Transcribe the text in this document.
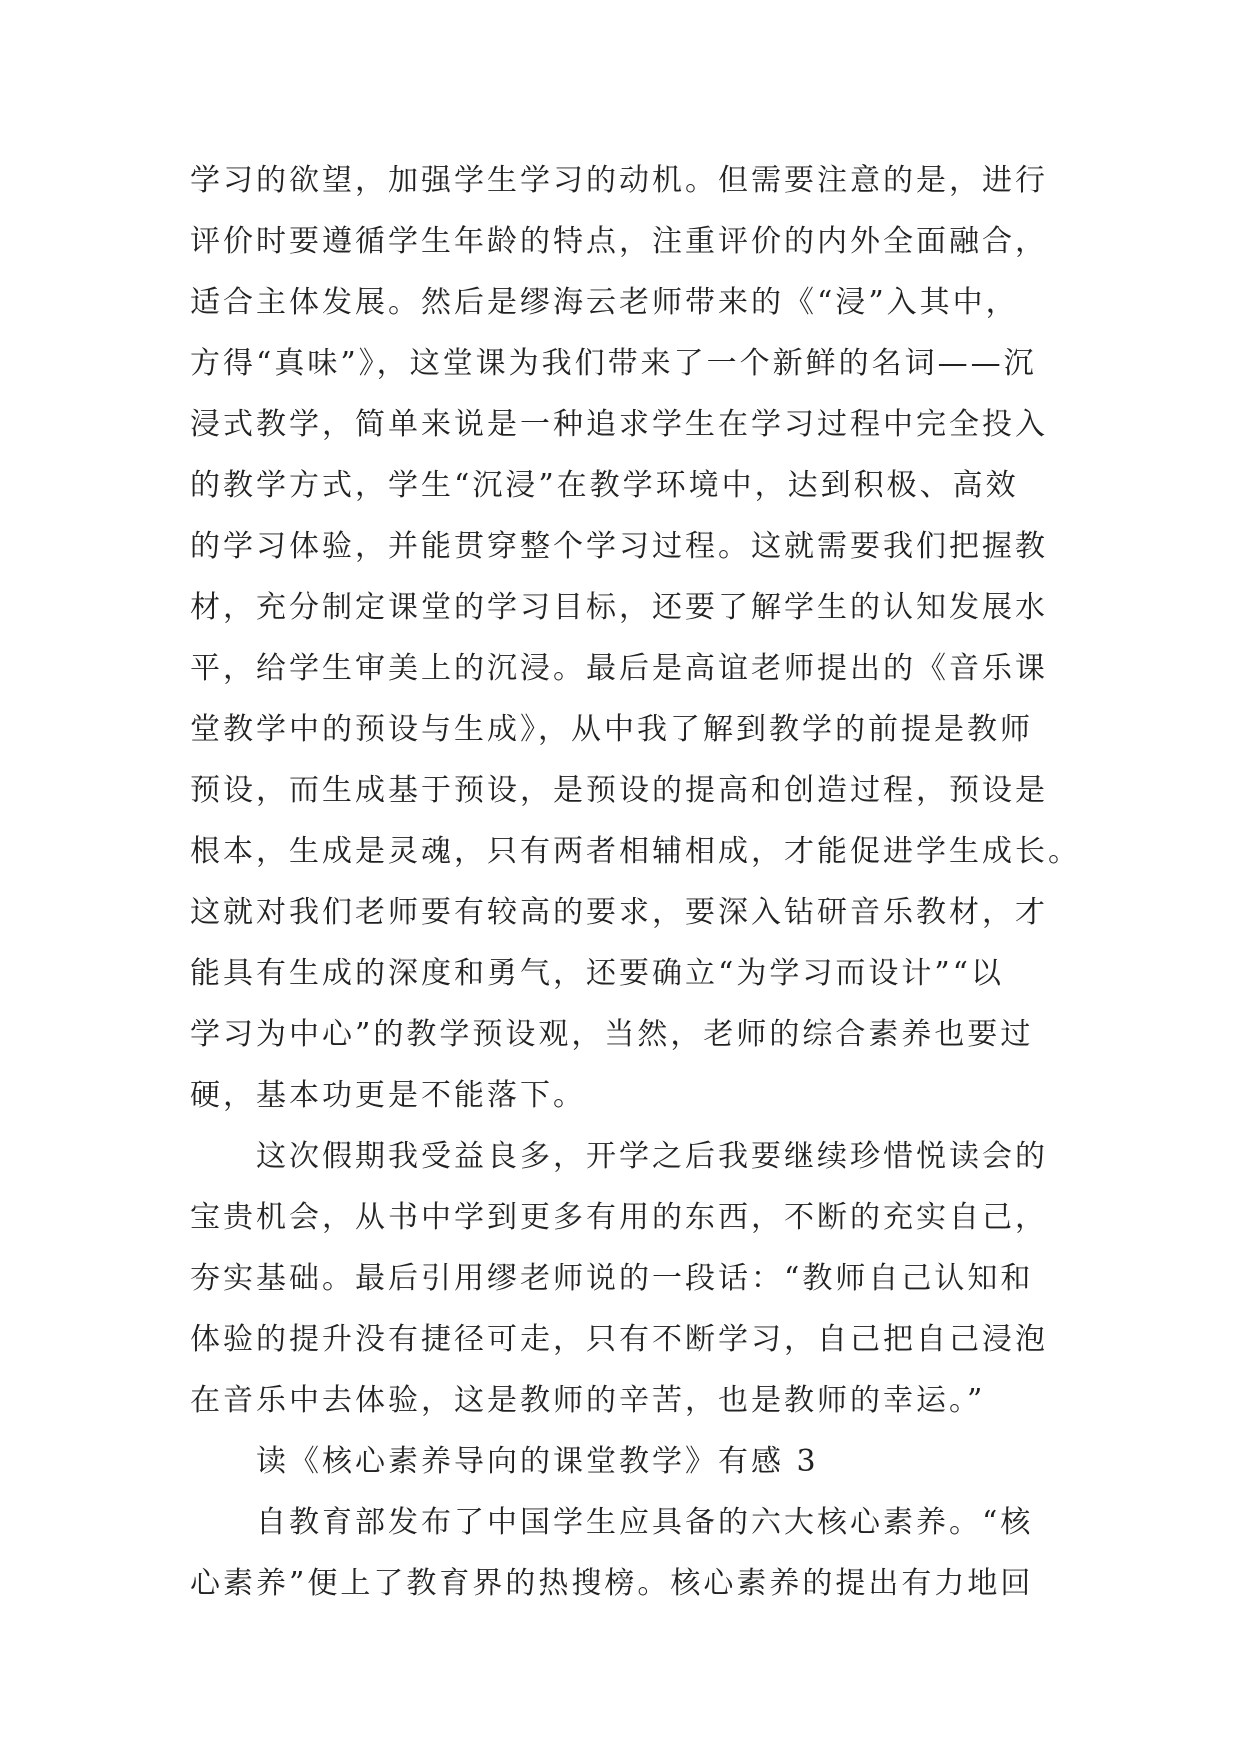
学习的欲望，加强学生学习的动机。但需要注意的是，进行
评价时要遵循学生年龄的特点，注重评价的内外全面融合，
适合主体发展。然后是缪海云老师带来的《“浸”入其中，
方得“真味”》，这堂课为我们带来了一个新鲜的名词——沉
浸式教学，简单来说是一种追求学生在学习过程中完全投入
的教学方式，学生“沉浸”在教学环境中，达到积极、高效
的学习体验，并能贯穿整个学习过程。这就需要我们把握教
材，充分制定课堂的学习目标，还要了解学生的认知发展水
平，给学生审美上的沉浸。最后是高谊老师提出的《音乐课
堂教学中的预设与生成》，从中我了解到教学的前提是教师
预设，而生成基于预设，是预设的提高和创造过程，预设是
根本，生成是灵魂，只有两者相辅相成，才能促进学生成长。
这就对我们老师要有较高的要求，要深入钻研音乐教材，才
能具有生成的深度和勇气，还要确立“为学习而设计”“以
学习为中心”的教学预设观，当然，老师的综合素养也要过
硬，基本功更是不能落下。
这次假期我受益良多，开学之后我要继续珍惜悦读会的
宝贵机会，从书中学到更多有用的东西，不断的充实自己，
夯实基础。最后引用缪老师说的一段话：“教师自己认知和
体验的提升没有捷径可走，只有不断学习，自己把自己浸泡
在音乐中去体验，这是教师的辛苦，也是教师的幸运。”
读《核心素养导向的课堂教学》有感 3
自教育部发布了中国学生应具备的六大核心素养。“核
心素养”便上了教育界的热搜榜。核心素养的提出有力地回
